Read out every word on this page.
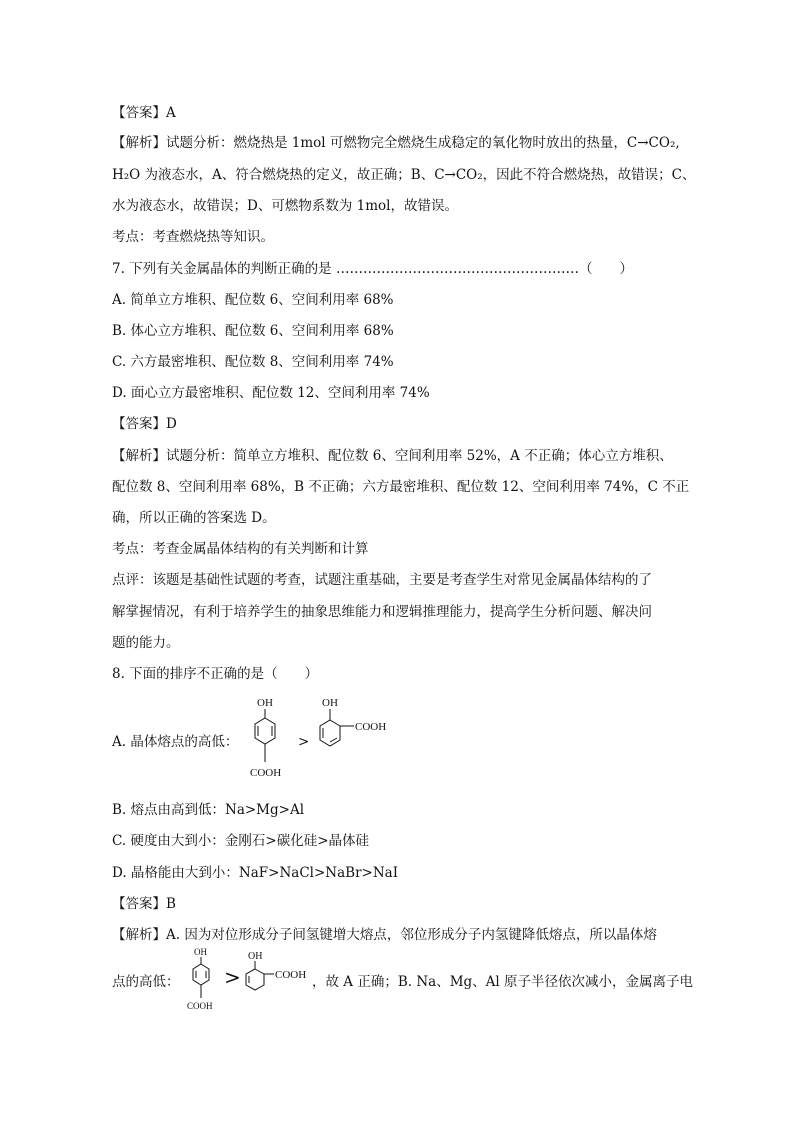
【答案】A
【解析】试题分析：燃烧热是 1mol 可燃物完全燃烧生成稳定的氧化物时放出的热量，C→CO₂,
H₂O 为液态水，A、符合燃烧热的定义，故正确；B、C→CO₂，因此不符合燃烧热，故错误；C、
水为液态水，故错误；D、可燃物系数为 1mol，故错误。
考点：考查燃烧热等知识。
7. 下列有关金属晶体的判断正确的是 ………………………………………………（　　）
A. 简单立方堆积、配位数 6、空间利用率 68%
B. 体心立方堆积、配位数 6、空间利用率 68%
C. 六方最密堆积、配位数 8、空间利用率 74%
D. 面心立方最密堆积、配位数 12、空间利用率 74%
【答案】D
【解析】试题分析：简单立方堆积、配位数 6、空间利用率 52%，A 不正确；体心立方堆积、
配位数 8、空间利用率 68%，B 不正确；六方最密堆积、配位数 12、空间利用率 74%，C 不正
确，所以正确的答案选 D。
考点：考查金属晶体结构的有关判断和计算
点评：该题是基础性试题的考查，试题注重基础，主要是考查学生对常见金属晶体结构的了
解掌握情况，有利于培养学生的抽象思维能力和逻辑推理能力，提高学生分析问题、解决问
题的能力。
8. 下面的排序不正确的是（　　）
A. 晶体熔点的高低：
OH
COOH
>
OH
COOH
B. 熔点由高到低：Na>Mg>Al
C. 硬度由大到小：金刚石>碳化硅>晶体硅
D. 晶格能由大到小：NaF>NaCl>NaBr>NaI
【答案】B
【解析】A. 因为对位形成分子间氢键增大熔点，邻位形成分子内氢键降低熔点，所以晶体熔
点的高低：
OH
COOH
>
OH
COOH ，故 A 正确；B. Na、Mg、Al 原子半径依次减小，金属离子电
